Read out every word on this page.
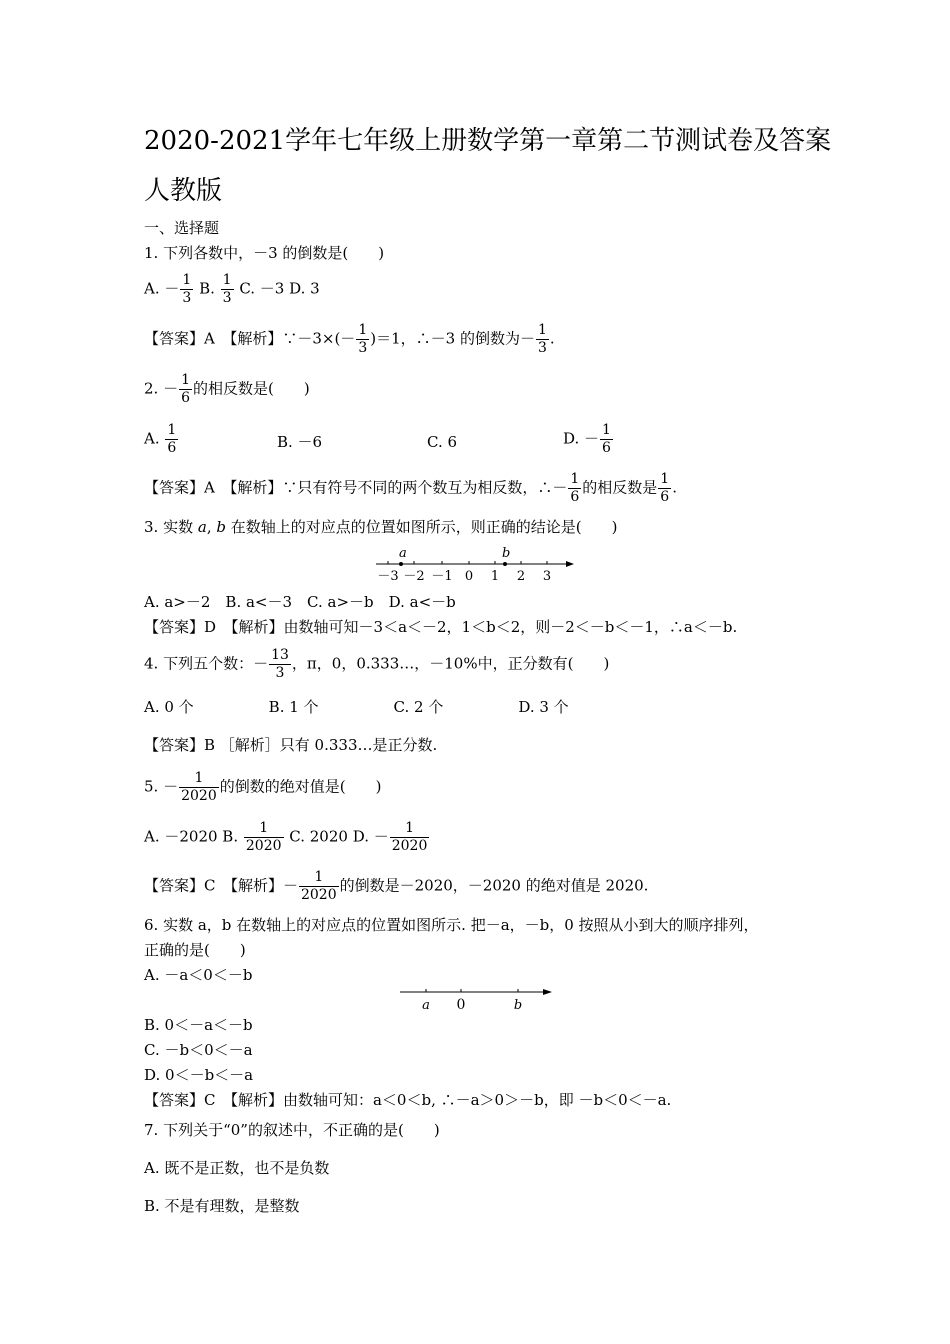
2020-2021学年七年级上册数学第一章第二节测试卷及答案
人教版
一、选择题
1. 下列各数中，－3 的倒数是(　　)
A. － $\frac{1}{3} B$. $\frac{1}{3} C$. －3 D. 3
【答案】A　【解析】∵－3×(－ $\frac{1}{3} )=1$，∴－3 的倒数为－ $\frac{1}{3}$ .
2. － $\frac{1}{6}$ 的相反数是(　　)
A. $\frac{1}{6}$	B. －6	C. 6	D. － $\frac{1}{6}$
【答案】A　【解析】∵只有符号不同的两个数互为相反数，∴－ $\frac{1}{6}$ 的相反数是 $\frac{1}{6}$ .
3. 实数 a, b 在数轴上的对应点的位置如图所示，则正确的结论是(　　)
a	b
－3 －2 －1 0 1 2 3
A. a>－2　B. a<－3　C. a>－b　D. a<－b
【答案】D　【解析】由数轴可知－3＜a＜－2，1＜b＜2，则－2＜－b＜－1，∴a＜－b.
4. 下列五个数：－ $\frac{13}{3}$ ，π，0，0.333…，－10%中，正分数有(　　)
A. 0 个　　　　　B. 1 个　　　　　C. 2 个　　　　　D. 3 个
【答案】B ［解析］只有 0.333…是正分数.
5. － $\frac{1}{2020}$ 的倒数的绝对值是(　　)
A. －2020 B. $\frac{1}{2020} C$. 2020 D. － $\frac{1}{2020}$
【答案】C　【解析】－ $\frac{1}{2020}$ 的倒数是－2020，－2020 的绝对值是 2020.
6. 实数 a，b 在数轴上的对应点的位置如图所示. 把－a，－b，0 按照从小到大的顺序排列，
正确的是(　　)
A. －a＜0＜－b
a 0	b
B. 0＜－a＜－b
C. －b＜0＜－a
D. 0＜－b＜－a
【答案】C　【解析】由数轴可知：a＜0＜b, ∴－a＞0＞－b，即 －b＜0＜－a.
7. 下列关于“0”的叙述中，不正确的是(　　)
A. 既不是正数，也不是负数
B. 不是有理数，是整数
